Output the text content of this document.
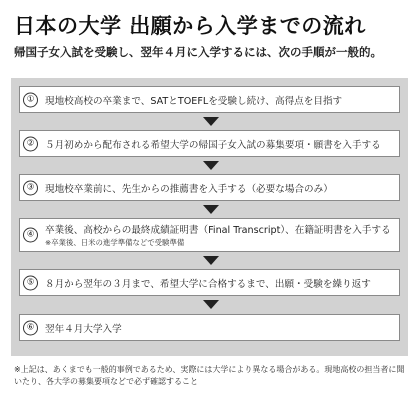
日本の大学 出願から入学までの流れ
帰国子女入試を受験し、翌年４月に入学するには、次の手順が一般的。
①	現地校高校の卒業まで、SATとTOEFLを受験し続け、高得点を目指す
②	５月初めから配布される希望大学の帰国子女入試の募集要項・願書を入手する
③	現地校卒業前に、先生からの推薦書を入手する（必要な場合のみ）
④	卒業後、高校からの最終成績証明書（Final Transcript）、在籍証明書を入手する
※卒業後、日米の進学準備などで受験準備
⑤	８月から翌年の３月まで、希望大学に合格するまで、出願・受験を繰り返す
⑥	翌年４月大学入学
※上記は、あくまでも一般的事例であるため、実際には大学により異なる場合がある。現地高校の担当者に聞いたり、各大学の募集要項などで必ず確認すること
